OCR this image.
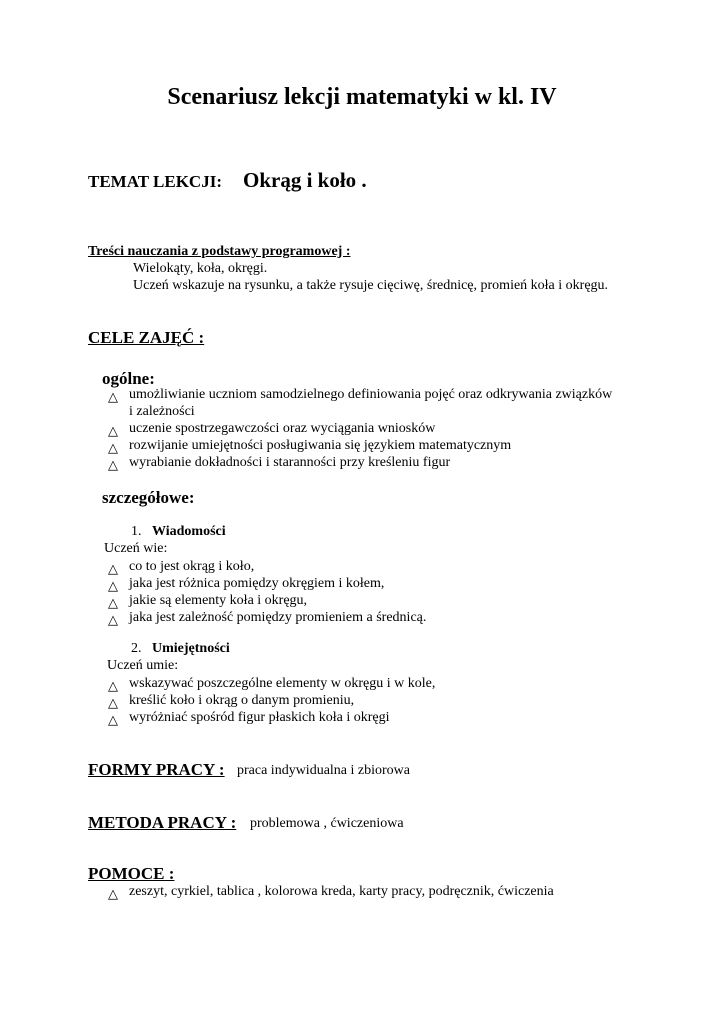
Scenariusz lekcji matematyki w kl. IV
TEMAT LEKCJI: Okrąg i koło .
Treści nauczania z podstawy programowej :
Wielokąty, koła, okręgi.
Uczeń wskazuje na rysunku, a także rysuje cięciwę, średnicę, promień koła i okręgu.
CELE ZAJĘĆ :
ogólne:
△ umożliwianie uczniom samodzielnego definiowania pojęć oraz odkrywania związków
i zależności
△ uczenie spostrzegawczości oraz wyciągania wniosków
△ rozwijanie umiejętności posługiwania się językiem matematycznym
△ wyrabianie dokładności i staranności przy kreśleniu figur
szczegółowe:
1. Wiadomości
Uczeń wie:
△ co to jest okrąg i koło,
△ jaka jest różnica pomiędzy okręgiem i kołem,
△ jakie są elementy koła i okręgu,
△ jaka jest zależność pomiędzy promieniem a średnicą.
2. Umiejętności
Uczeń umie:
△ wskazywać poszczególne elementy w okręgu i w kole,
△ kreślić koło i okrąg o danym promieniu,
△ wyróżniać spośród figur płaskich koła i okręgi
FORMY PRACY : praca indywidualna i zbiorowa
METODA PRACY : problemowa , ćwiczeniowa
POMOCE :
△ zeszyt, cyrkiel, tablica , kolorowa kreda, karty pracy, podręcznik, ćwiczenia
